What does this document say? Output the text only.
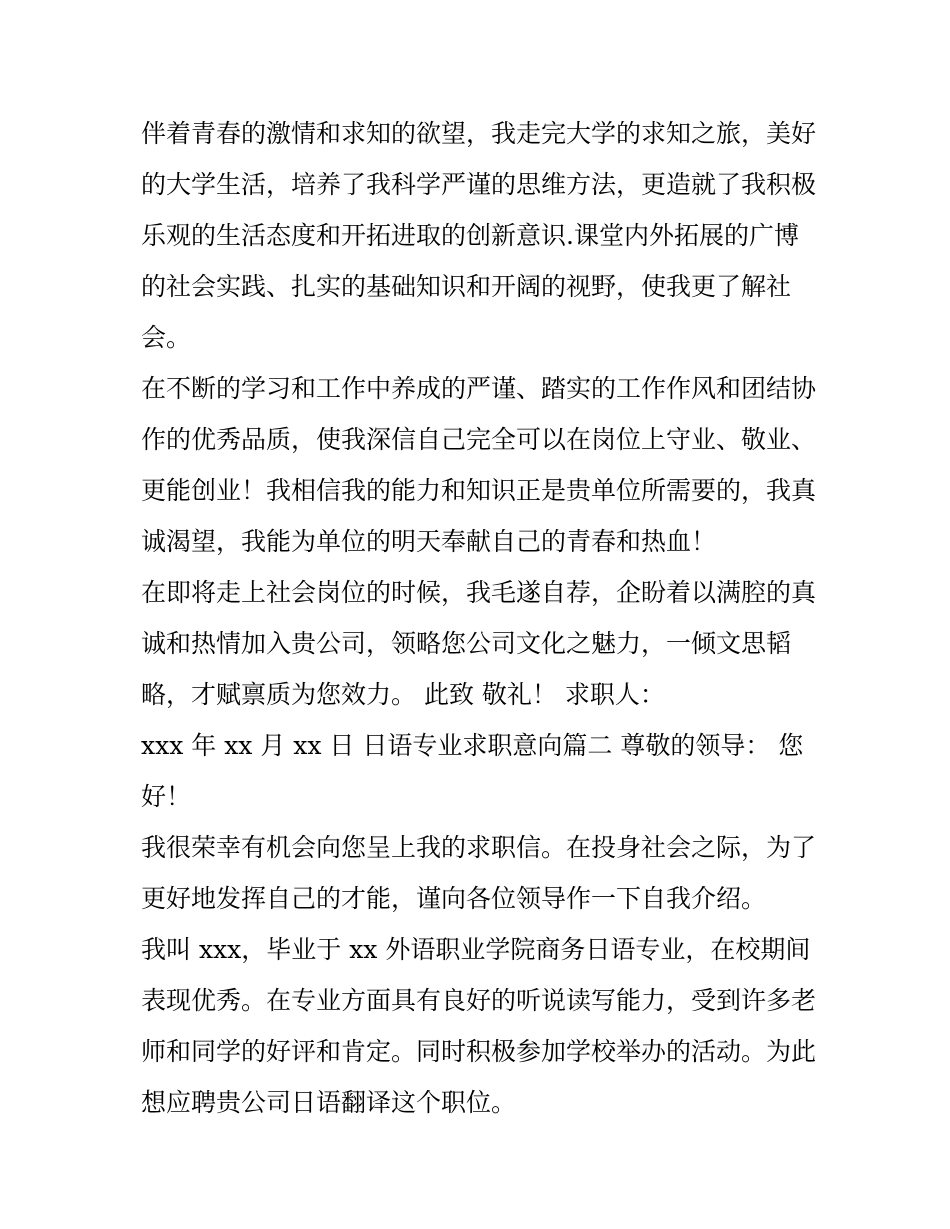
伴着青春的激情和求知的欲望，我走完大学的求知之旅，美好
的大学生活，培养了我科学严谨的思维方法，更造就了我积极
乐观的生活态度和开拓进取的创新意识.课堂内外拓展的广博
的社会实践、扎实的基础知识和开阔的视野，使我更了解社
会。
在不断的学习和工作中养成的严谨、踏实的工作作风和团结协
作的优秀品质，使我深信自己完全可以在岗位上守业、敬业、
更能创业！我相信我的能力和知识正是贵单位所需要的，我真
诚渴望，我能为单位的明天奉献自己的青春和热血！
在即将走上社会岗位的时候，我毛遂自荐，企盼着以满腔的真
诚和热情加入贵公司，领略您公司文化之魅力，一倾文思韬
略，才赋禀质为您效力。 此致 敬礼！ 求职人：
xxx 年 xx 月 xx 日 日语专业求职意向篇二 尊敬的领导： 您
好！
我很荣幸有机会向您呈上我的求职信。在投身社会之际，为了
更好地发挥自己的才能，谨向各位领导作一下自我介绍。
我叫 xxx，毕业于 xx 外语职业学院商务日语专业，在校期间
表现优秀。在专业方面具有良好的听说读写能力，受到许多老
师和同学的好评和肯定。同时积极参加学校举办的活动。为此
想应聘贵公司日语翻译这个职位。
